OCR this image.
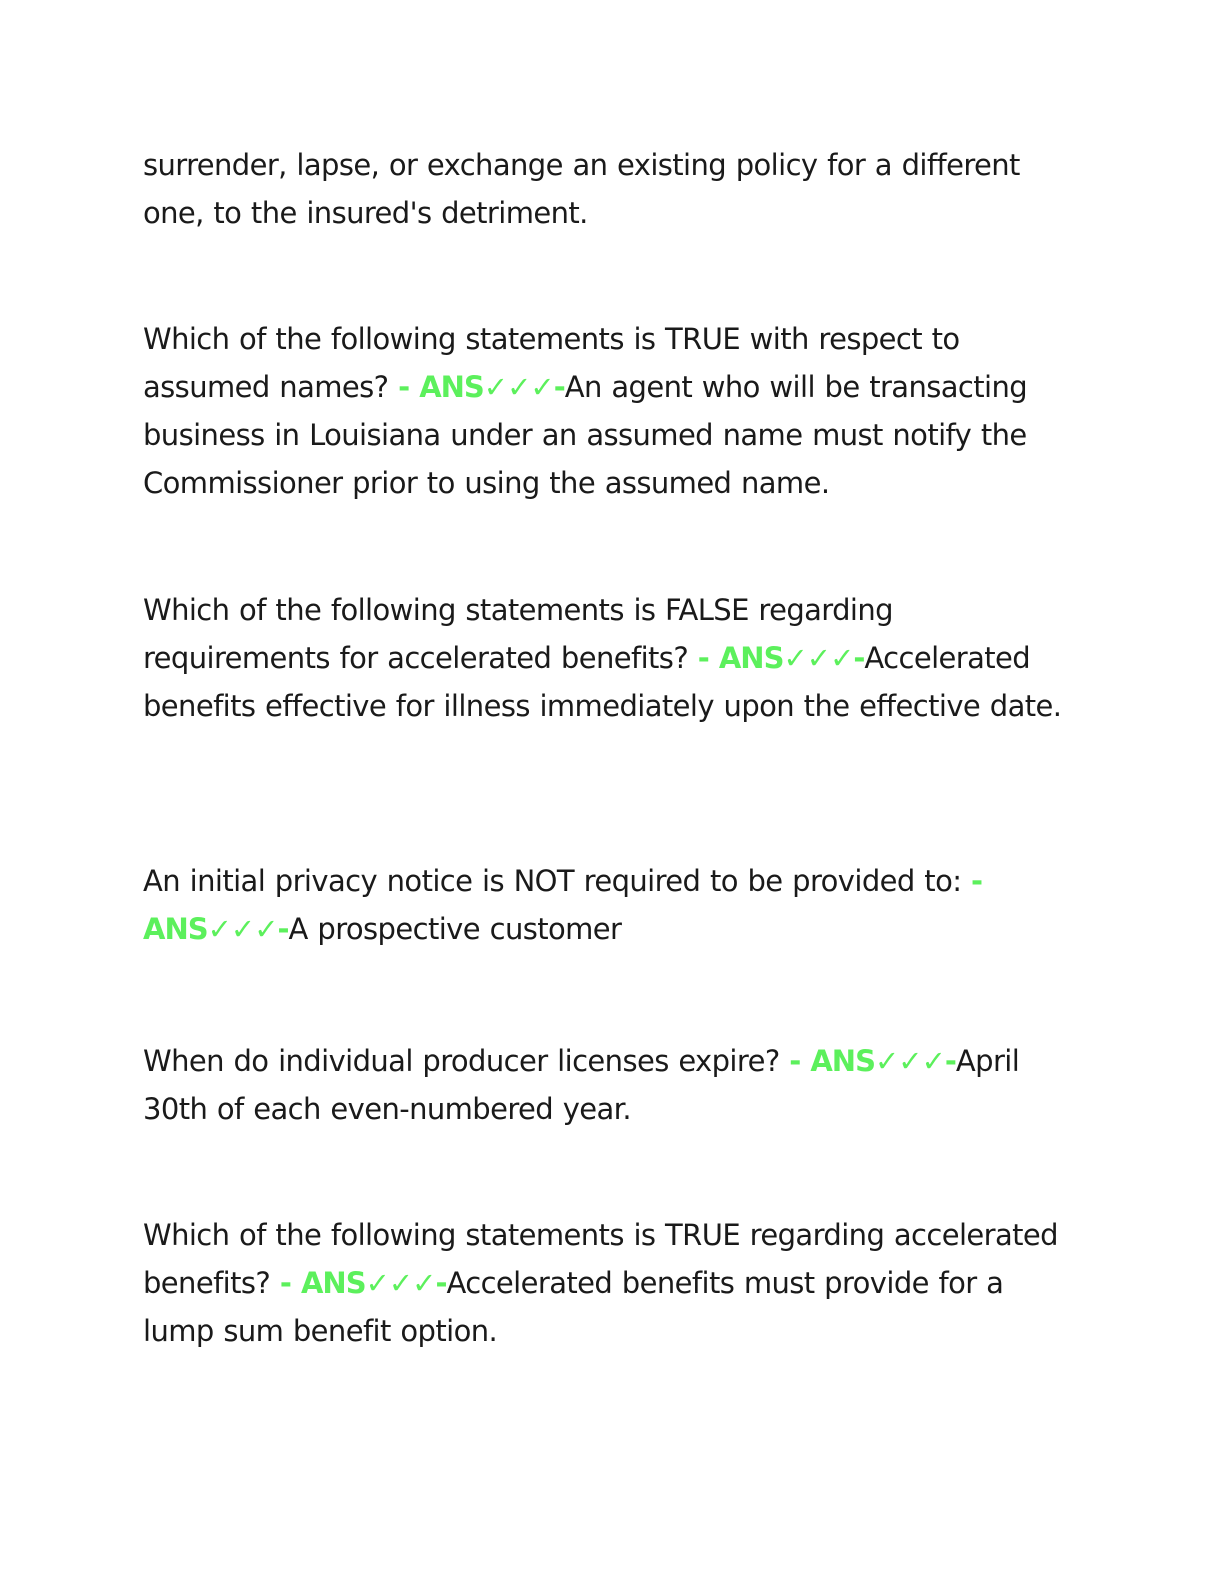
surrender, lapse, or exchange an existing policy for a different one, to the insured's detriment.

Which of the following statements is TRUE with respect to assumed names? - ANS✓✓✓-An agent who will be transacting business in Louisiana under an assumed name must notify the Commissioner prior to using the assumed name.

Which of the following statements is FALSE regarding requirements for accelerated benefits? - ANS✓✓✓-Accelerated benefits effective for illness immediately upon the effective date.

An initial privacy notice is NOT required to be provided to: - ANS✓✓✓-A prospective customer

When do individual producer licenses expire? - ANS✓✓✓-April 30th of each even-numbered year.

Which of the following statements is TRUE regarding accelerated benefits? - ANS✓✓✓-Accelerated benefits must provide for a lump sum benefit option.
